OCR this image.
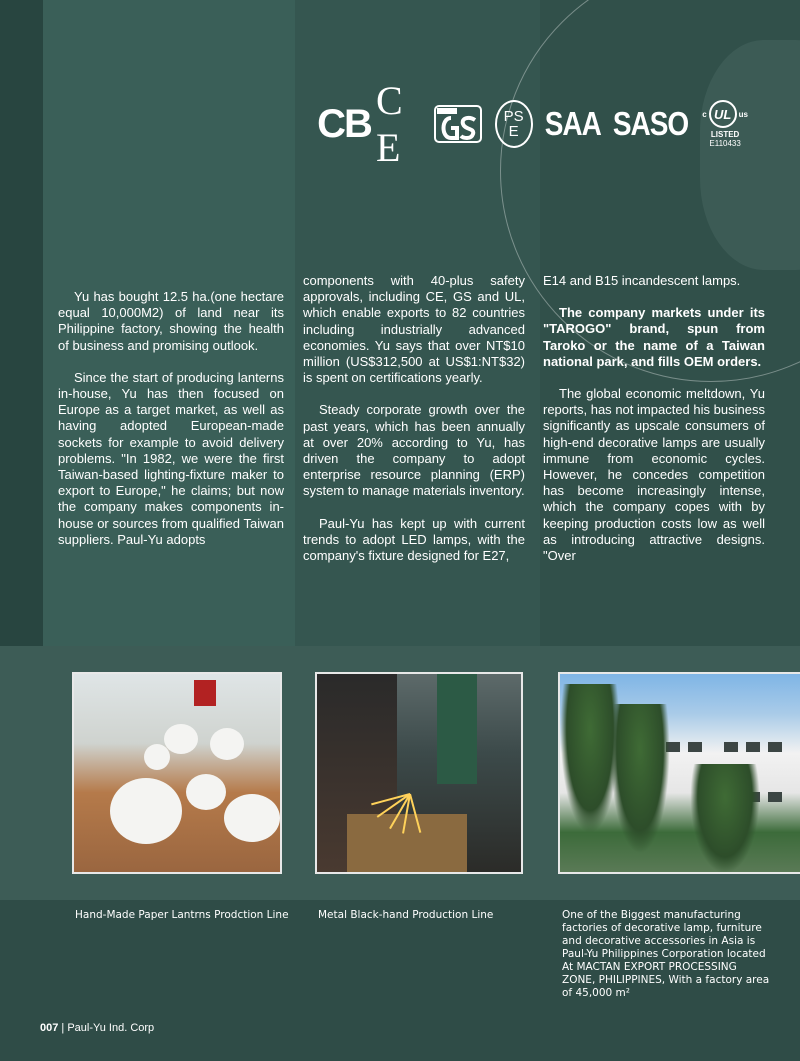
CB
C E
PS
E SAA SASO c UL us
LISTED
E110433

Yu has bought 12.5 ha.(one hectare equal 10,000M2) of land near its Philippine factory, showing the health of business and promising outlook.

Since the start of producing lanterns in-house, Yu has then focused on Europe as a target market, as well as having adopted European-made sockets for example to avoid delivery problems. "In 1982, we were the first Taiwan-based lighting-fixture maker to export to Europe," he claims; but now the company makes components in-house or sources from qualified Taiwan suppliers. Paul-Yu adopts

components with 40-plus safety approvals, including CE, GS and UL, which enable exports to 82 countries including industrially advanced economies. Yu says that over NT$10 million (US$312,500 at US$1:NT$32) is spent on certifications yearly.

Steady corporate growth over the past years, which has been annually at over 20% according to Yu, has driven the company to adopt enterprise resource planning (ERP) system to manage materials inventory.

Paul-Yu has kept up with current trends to adopt LED lamps, with the company's fixture designed for E27,

E14 and B15 incandescent lamps.

The company markets under its "TAROGO" brand, spun from Taroko or the name of a Taiwan national park, and fills OEM orders.

The global economic meltdown, Yu reports, has not impacted his business significantly as upscale consumers of high-end decorative lamps are usually immune from economic cycles. However, he concedes competition has become increasingly intense, which the company copes with by keeping production costs low as well as introducing attractive designs. "Over

Hand-Made Paper Lantrns Prodction Line	Metal Black-hand Production Line	One of the Biggest manufacturing factories of decorative lamp, furniture and decorative accessories in Asia is Paul-Yu Philippines Corporation located At MACTAN EXPORT PROCESSING ZONE, PHILIPPINES, With a factory area of 45,000 m²
007 | Paul-Yu Ind. Corp
